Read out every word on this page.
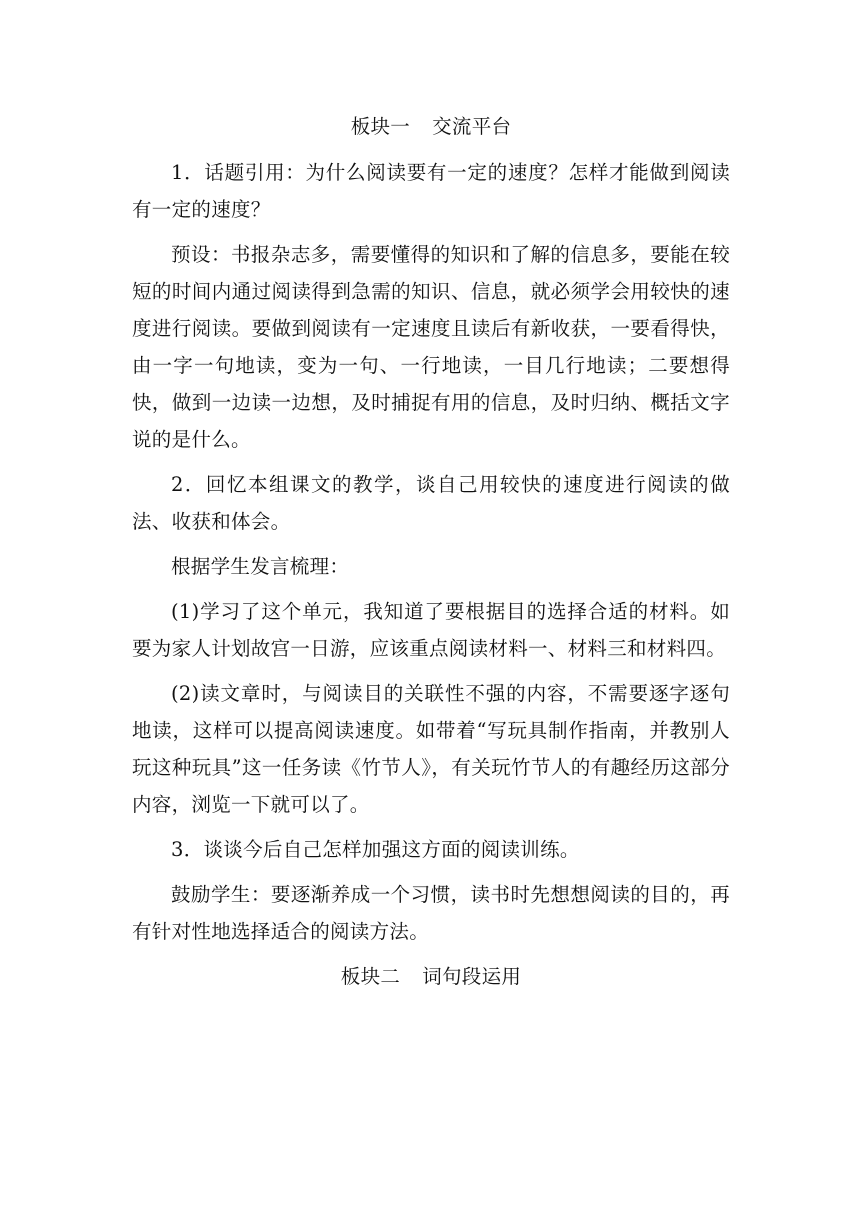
板块一 交流平台

1．话题引用：为什么阅读要有一定的速度？怎样才能做到阅读有一定的速度？

预设：书报杂志多，需要懂得的知识和了解的信息多，要能在较短的时间内通过阅读得到急需的知识、信息，就必须学会用较快的速度进行阅读。要做到阅读有一定速度且读后有新收获，一要看得快，由一字一句地读，变为一句、一行地读，一目几行地读；二要想得快，做到一边读一边想，及时捕捉有用的信息，及时归纳、概括文字说的是什么。

2．回忆本组课文的教学，谈自己用较快的速度进行阅读的做法、收获和体会。

根据学生发言梳理：

(1)学习了这个单元，我知道了要根据目的选择合适的材料。如要为家人计划故宫一日游，应该重点阅读材料一、材料三和材料四。

(2)读文章时，与阅读目的关联性不强的内容，不需要逐字逐句地读，这样可以提高阅读速度。如带着“写玩具制作指南，并教别人玩这种玩具”这一任务读《竹节人》，有关玩竹节人的有趣经历这部分内容，浏览一下就可以了。

3．谈谈今后自己怎样加强这方面的阅读训练。

鼓励学生：要逐渐养成一个习惯，读书时先想想阅读的目的，再有针对性地选择适合的阅读方法。

板块二 词句段运用
